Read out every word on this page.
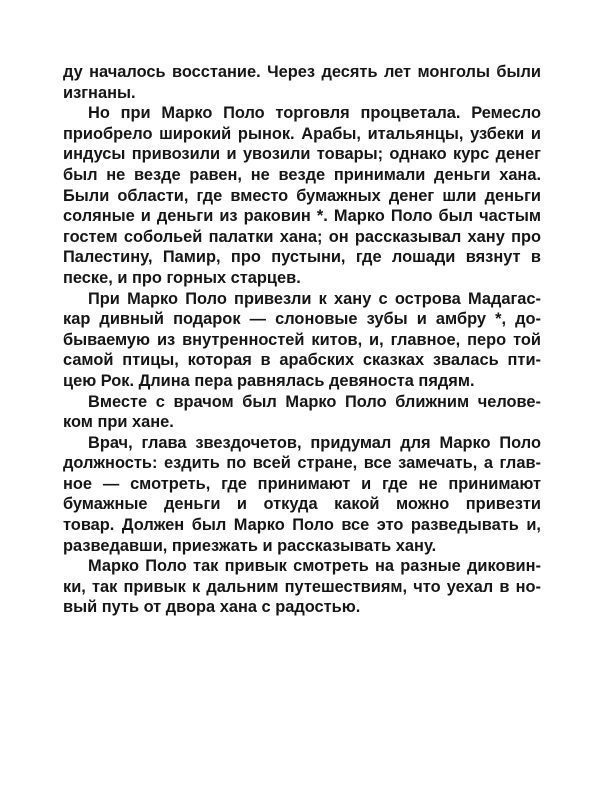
ду началось восстание. Через десять лет монголы были
изгнаны.
Но при Марко Поло торговля процветала. Ремесло
приобрело широкий рынок. Арабы, итальянцы, узбеки и
индусы привозили и увозили товары; однако курс денег
был не везде равен, не везде принимали деньги хана.
Были области, где вместо бумажных денег шли деньги
соляные и деньги из раковин *. Марко Поло был частым
гостем собольей палатки хана; он рассказывал хану про
Палестину, Памир, про пустыни, где лошади вязнут в
песке, и про горных старцев.
При Марко Поло привезли к хану с острова Мадагас-
кар дивный подарок — слоновые зубы и амбру *, до-
бываемую из внутренностей китов, и, главное, перо той
самой птицы, которая в арабских сказках звалась пти-
цею Рок. Длина пера равнялась девяноста пядям.
Вместе с врачом был Марко Поло ближним челове-
ком при хане.
Врач, глава звездочетов, придумал для Марко Поло
должность: ездить по всей стране, все замечать, а глав-
ное — смотреть, где принимают и где не принимают
бумажные деньги и откуда какой можно привезти
товар. Должен был Марко Поло все это разведывать и,
разведавши, приезжать и рассказывать хану.
Марко Поло так привык смотреть на разные диковин-
ки, так привык к дальним путешествиям, что уехал в но-
вый путь от двора хана с радостью.
